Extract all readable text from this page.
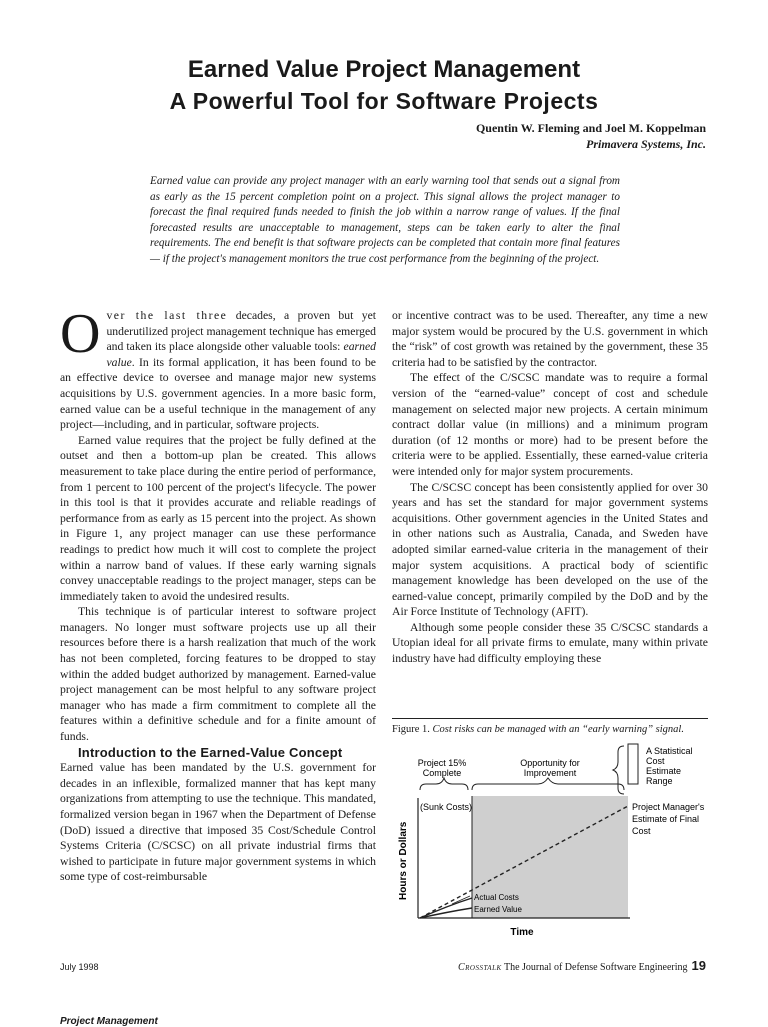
Earned Value Project Management
A Powerful Tool for Software Projects
Quentin W. Fleming and Joel M. Koppelman
Primavera Systems, Inc.

Earned value can provide any project manager with an early warning tool that sends out a signal from as early as the 15 percent completion point on a project. This signal allows the project manager to forecast the final required funds needed to finish the job within a narrow range of values. If the final forecasted results are unacceptable to management, steps can be taken early to alter the final requirements. The end benefit is that software projects can be completed that contain more final features— if the project's management monitors the true cost performance from the beginning of the project.

Over the last three decades, a proven but yet underutilized project management technique has emerged and taken its place alongside other valuable tools: earned value. In its formal application, it has been found to be an effective device to oversee and manage major new systems acquisitions by U.S. government agencies. In a more basic form, earned value can be a useful technique in the management of any project—including, and in particular, software projects.

Earned value requires that the project be fully defined at the outset and then a bottom-up plan be created. This allows measurement to take place during the entire period of performance, from 1 percent to 100 percent of the project's lifecycle. The power in this tool is that it provides accurate and reliable readings of performance from as early as 15 percent into the project. As shown in Figure 1, any project manager can use these performance readings to predict how much it will cost to complete the project within a narrow band of values. If these early warning signals convey unacceptable readings to the project manager, steps can be immediately taken to avoid the undesired results.

This technique is of particular interest to software project managers. No longer must software projects use up all their resources before there is a harsh realization that much of the work has not been completed, forcing features to be dropped to stay within the added budget authorized by management. Earned-value project management can be most helpful to any software project manager who has made a firm commitment to complete all the features within a definitive schedule and for a finite amount of funds.

Introduction to the Earned-Value Concept

Earned value has been mandated by the U.S. government for decades in an inflexible, formalized manner that has kept many organizations from attempting to use the technique. This mandated, formalized version began in 1967 when the Department of Defense (DoD) issued a directive that imposed 35 Cost/Schedule Control Systems Criteria (C/SCSC) on all private industrial firms that wished to participate in future major government systems in which some type of cost-reimbursable

or incentive contract was to be used. Thereafter, any time a new major system would be procured by the U.S. government in which the “risk” of cost growth was retained by the government, these 35 criteria had to be satisfied by the contractor.

The effect of the C/SCSC mandate was to require a formal version of the “earned-value” concept of cost and schedule management on selected major new projects. A certain minimum contract dollar value (in millions) and a minimum program duration (of 12 months or more) had to be present before the criteria were to be applied. Essentially, these earned-value criteria were intended only for major system procurements.

The C/SCSC concept has been consistently applied for over 30 years and has set the standard for major government systems acquisitions. Other government agencies in the United States and in other nations such as Australia, Canada, and Sweden have adopted similar earned-value criteria in the management of their major system acquisitions. A practical body of scientific management knowledge has been developed on the use of the earned-value concept, primarily compiled by the DoD and by the Air Force Institute of Technology (AFIT).

Although some people consider these 35 C/SCSC standards a Utopian ideal for all private firms to emulate, many within private industry have had difficulty employing these

Figure 1. Cost risks can be managed with an “early warning” signal.
Project 15%
Complete
Opportunity for
Improvement
A Statistical
Cost
Estimate
Range
(Sunk Costs)
Actual Costs
Earned Value
Project Manager's
Estimate of Final
Cost
Hours or Dollars
Time
July 1998	Crosstalk The Journal of Defense Software Engineering 19
Project Management
